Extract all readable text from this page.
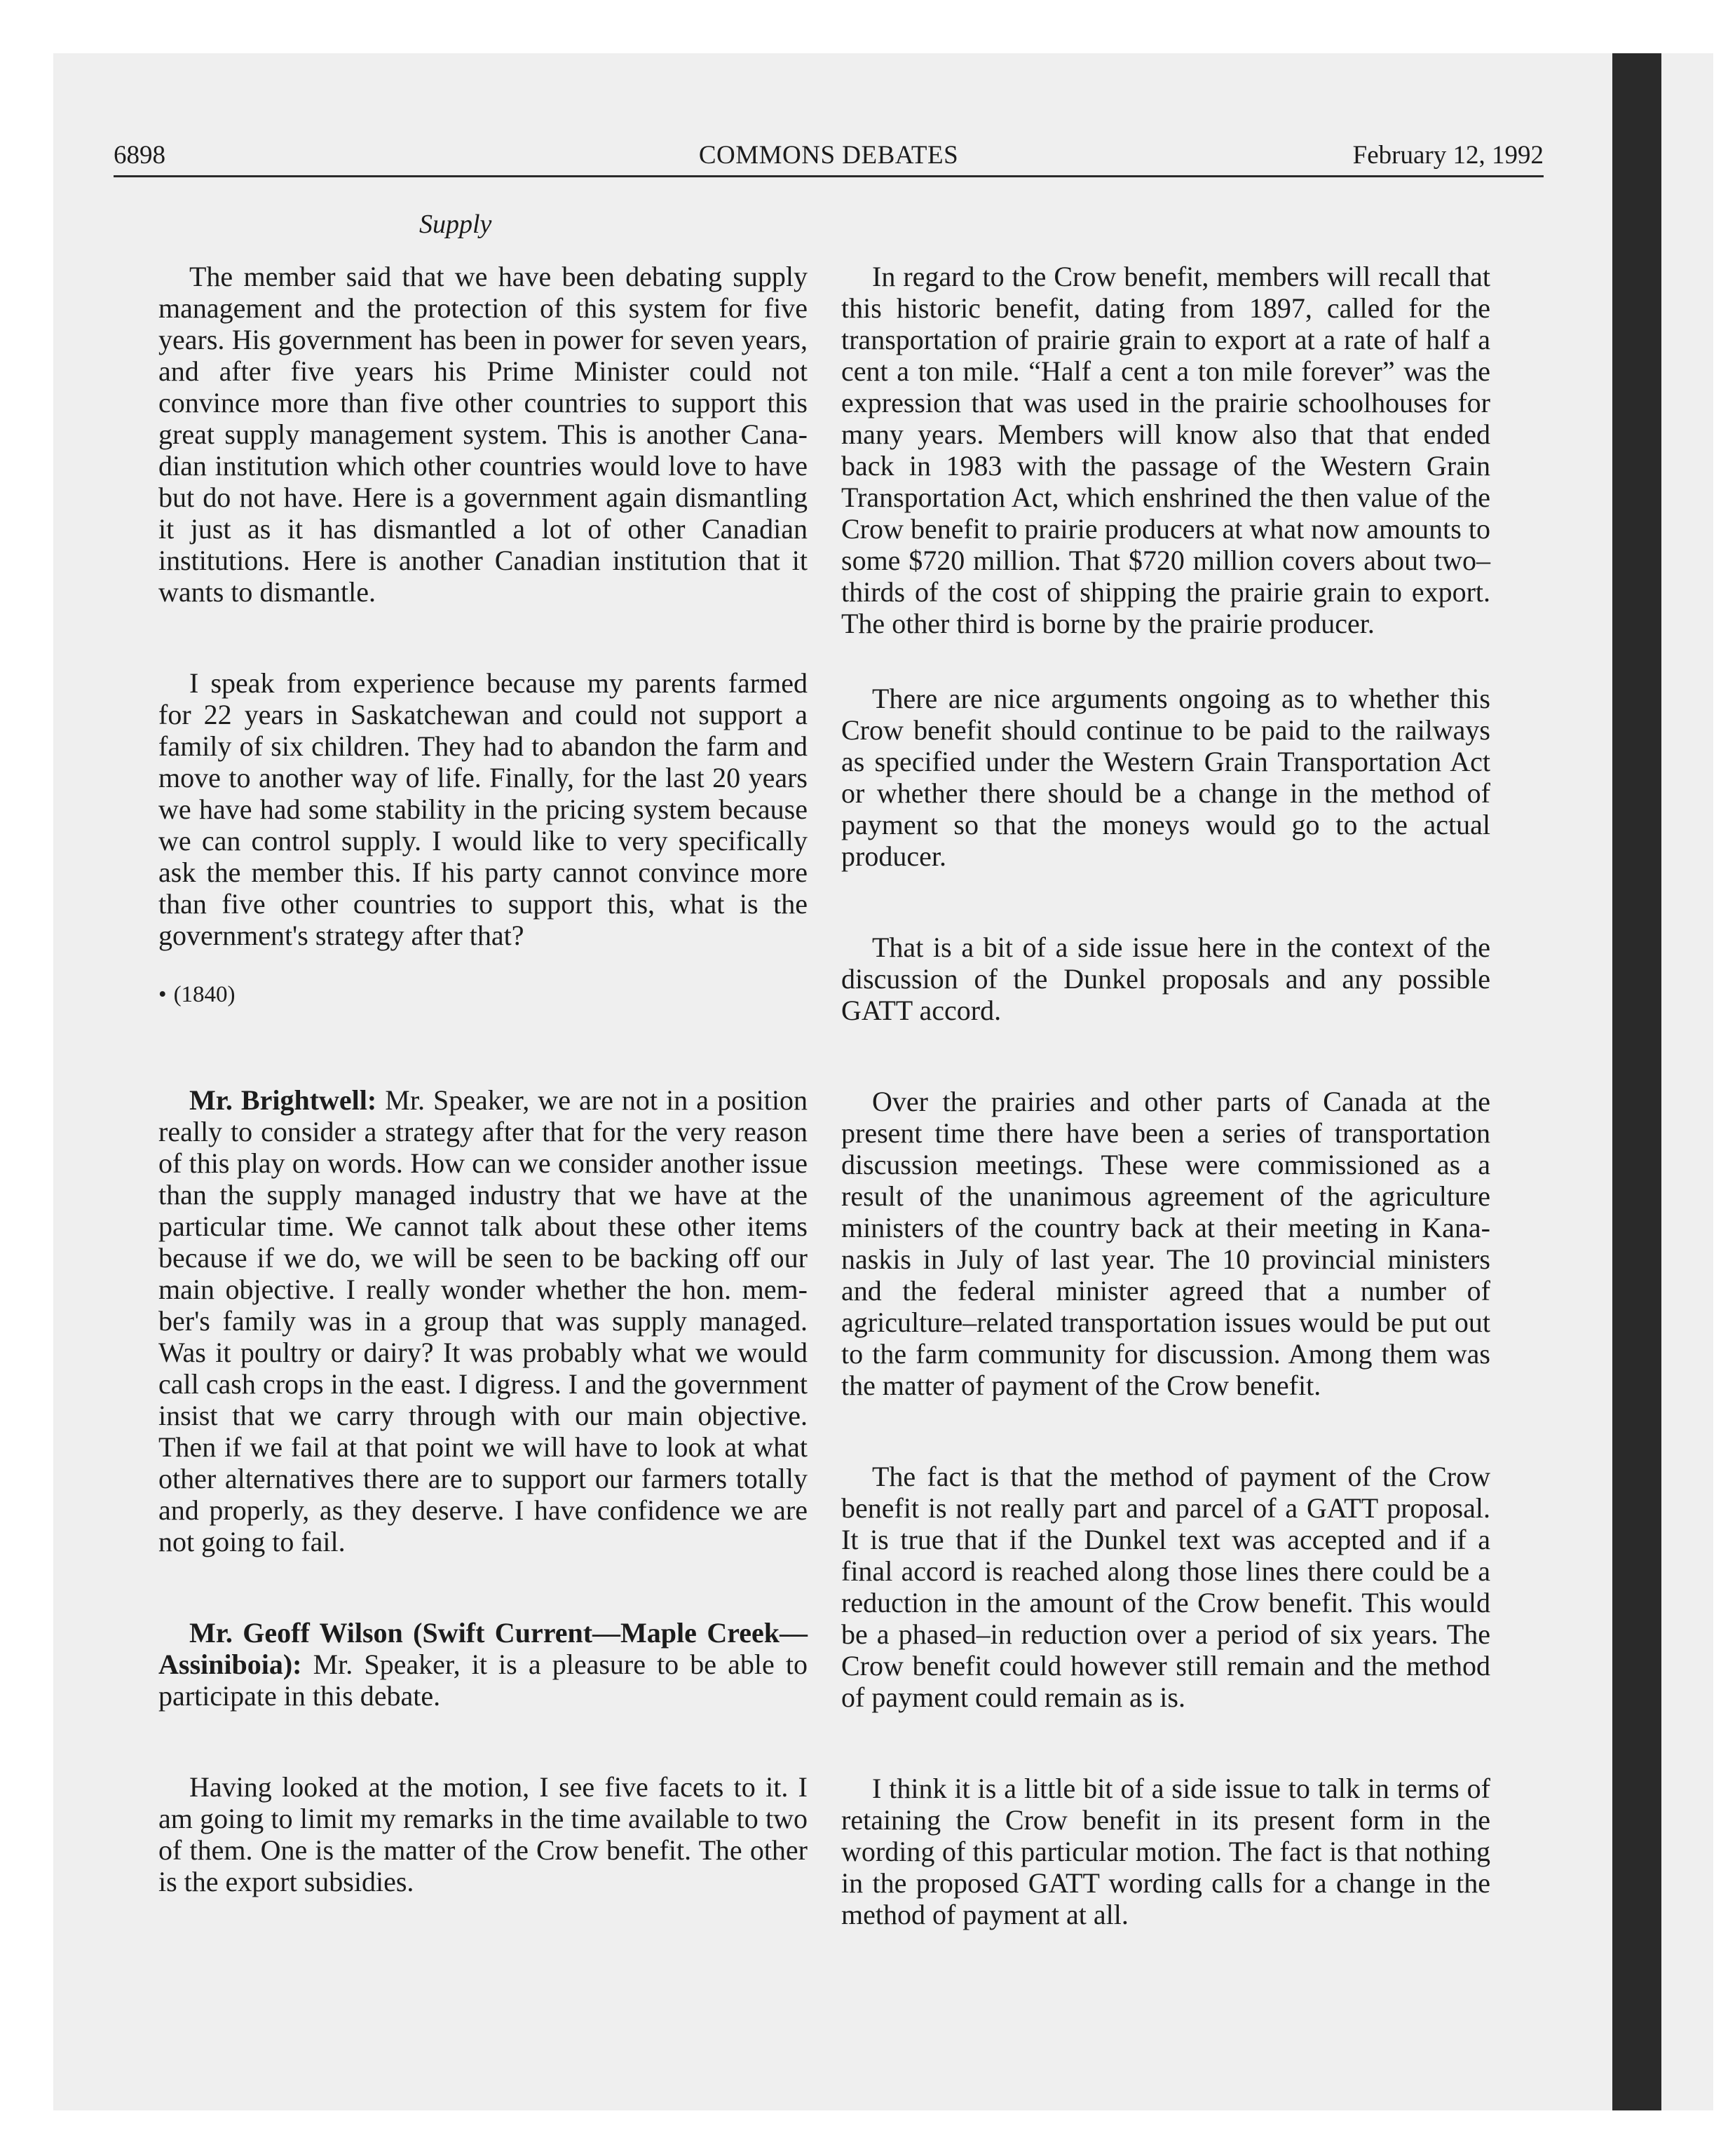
6898	COMMONS DEBATES	February 12, 1992
Supply

The member said that we have been debating supply management and the protection of this system for five years. His government has been in power for seven years, and after five years his Prime Minister could not convince more than five other countries to support this great supply management system. This is another Canadian institution which other countries would love to have but do not have. Here is a government again dismantling it just as it has dismantled a lot of other Canadian institutions. Here is another Canadian institution that it wants to dismantle.

I speak from experience because my parents farmed for 22 years in Saskatchewan and could not support a family of six children. They had to abandon the farm and move to another way of life. Finally, for the last 20 years we have had some stability in the pricing system because we can control supply. I would like to very specifically ask the member this. If his party cannot convince more than five other countries to support this, what is the government's strategy after that?

• (1840)

Mr. Brightwell: Mr. Speaker, we are not in a position really to consider a strategy after that for the very reason of this play on words. How can we consider another issue than the supply managed industry that we have at the particular time. We cannot talk about these other items because if we do, we will be seen to be backing off our main objective. I really wonder whether the hon. member's family was in a group that was supply managed. Was it poultry or dairy? It was probably what we would call cash crops in the east. I digress. I and the government insist that we carry through with our main objective. Then if we fail at that point we will have to look at what other alternatives there are to support our farmers totally and properly, as they deserve. I have confidence we are not going to fail.

Mr. Geoff Wilson (Swift Current—Maple Creek—Assiniboia): Mr. Speaker, it is a pleasure to be able to participate in this debate.

Having looked at the motion, I see five facets to it. I am going to limit my remarks in the time available to two of them. One is the matter of the Crow benefit. The other is the export subsidies.

In regard to the Crow benefit, members will recall that this historic benefit, dating from 1897, called for the transportation of prairie grain to export at a rate of half a cent a ton mile. “Half a cent a ton mile forever” was the expression that was used in the prairie schoolhouses for many years. Members will know also that that ended back in 1983 with the passage of the Western Grain Transportation Act, which enshrined the then value of the Crow benefit to prairie producers at what now amounts to some $720 million. That $720 million covers about two–thirds of the cost of shipping the prairie grain to export. The other third is borne by the prairie producer.

There are nice arguments ongoing as to whether this Crow benefit should continue to be paid to the railways as specified under the Western Grain Transportation Act or whether there should be a change in the method of payment so that the moneys would go to the actual producer.

That is a bit of a side issue here in the context of the discussion of the Dunkel proposals and any possible GATT accord.

Over the prairies and other parts of Canada at the present time there have been a series of transportation discussion meetings. These were commissioned as a result of the unanimous agreement of the agriculture ministers of the country back at their meeting in Kananaskis in July of last year. The 10 provincial ministers and the federal minister agreed that a number of agriculture–related transportation issues would be put out to the farm community for discussion. Among them was the matter of payment of the Crow benefit.

The fact is that the method of payment of the Crow benefit is not really part and parcel of a GATT proposal. It is true that if the Dunkel text was accepted and if a final accord is reached along those lines there could be a reduction in the amount of the Crow benefit. This would be a phased–in reduction over a period of six years. The Crow benefit could however still remain and the method of payment could remain as is.

I think it is a little bit of a side issue to talk in terms of retaining the Crow benefit in its present form in the wording of this particular motion. The fact is that nothing in the proposed GATT wording calls for a change in the method of payment at all.
